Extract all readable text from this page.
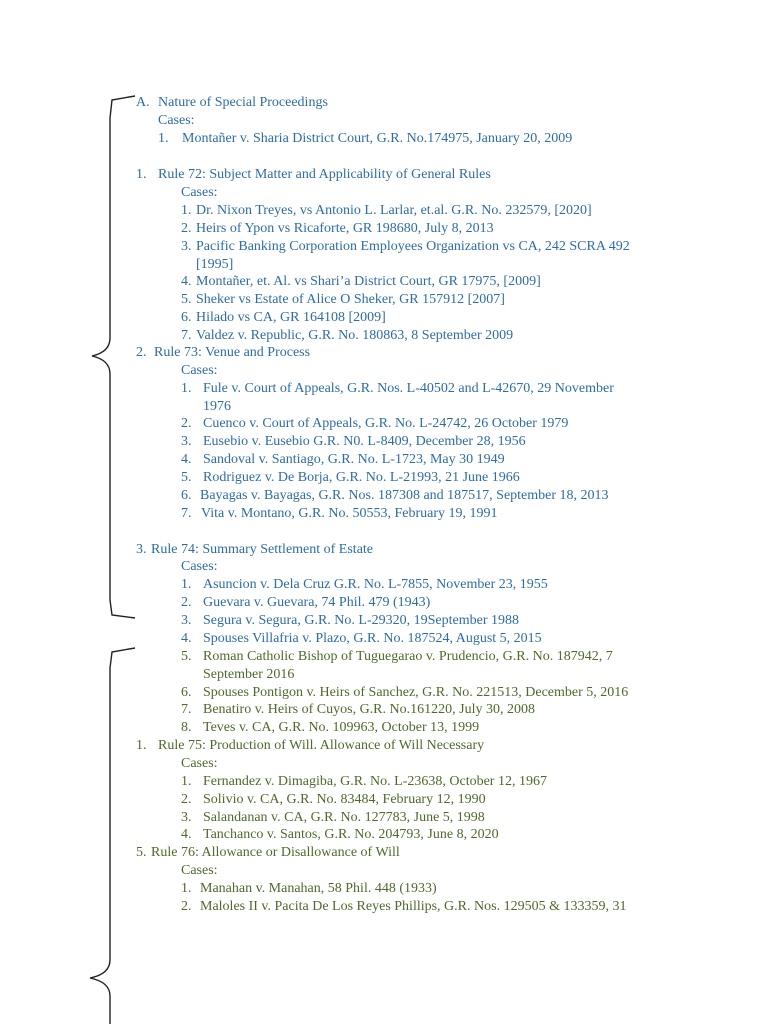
A. Nature of Special Proceedings
Cases:
1. Montañer v. Sharia District Court, G.R. No.174975, January 20, 2009
1. Rule 72: Subject Matter and Applicability of General Rules
Cases:
1. Dr. Nixon Treyes, vs Antonio L. Larlar, et.al. G.R. No. 232579, [2020]
2. Heirs of Ypon vs Ricaforte, GR 198680, July 8, 2013
3. Pacific Banking Corporation Employees Organization vs CA, 242 SCRA 492
[1995]
4. Montañer, et. Al. vs Shari’a District Court, GR 17975, [2009]
5. Sheker vs Estate of Alice O Sheker, GR 157912 [2007]
6. Hilado vs CA, GR 164108 [2009]
7. Valdez v. Republic, G.R. No. 180863, 8 September 2009
2. Rule 73: Venue and Process
Cases:
1. Fule v. Court of Appeals, G.R. Nos. L-40502 and L-42670, 29 November
1976
2. Cuenco v. Court of Appeals, G.R. No. L-24742, 26 October 1979
3. Eusebio v. Eusebio G.R. N0. L-8409, December 28, 1956
4. Sandoval v. Santiago, G.R. No. L-1723, May 30 1949
5. Rodriguez v. De Borja, G.R. No. L-21993, 21 June 1966
6. Bayagas v. Bayagas, G.R. Nos. 187308 and 187517, September 18, 2013
7. Vita v. Montano, G.R. No. 50553, February 19, 1991
3. Rule 74: Summary Settlement of Estate
Cases:
1. Asuncion v. Dela Cruz G.R. No. L-7855, November 23, 1955
2. Guevara v. Guevara, 74 Phil. 479 (1943)
3. Segura v. Segura, G.R. No. L-29320, 19September 1988
4. Spouses Villafria v. Plazo, G.R. No. 187524, August 5, 2015
5. Roman Catholic Bishop of Tuguegarao v. Prudencio, G.R. No. 187942, 7
September 2016
6. Spouses Pontigon v. Heirs of Sanchez, G.R. No. 221513, December 5, 2016
7. Benatiro v. Heirs of Cuyos, G.R. No.161220, July 30, 2008
8. Teves v. CA, G.R. No. 109963, October 13, 1999
1. Rule 75: Production of Will. Allowance of Will Necessary
Cases:
1. Fernandez v. Dimagiba, G.R. No. L-23638, October 12, 1967
2. Solivio v. CA, G.R. No. 83484, February 12, 1990
3. Salandanan v. CA, G.R. No. 127783, June 5, 1998
4. Tanchanco v. Santos, G.R. No. 204793, June 8, 2020
5. Rule 76: Allowance or Disallowance of Will
Cases:
1. Manahan v. Manahan, 58 Phil. 448 (1933)
2. Maloles II v. Pacita De Los Reyes Phillips, G.R. Nos. 129505 & 133359, 31
